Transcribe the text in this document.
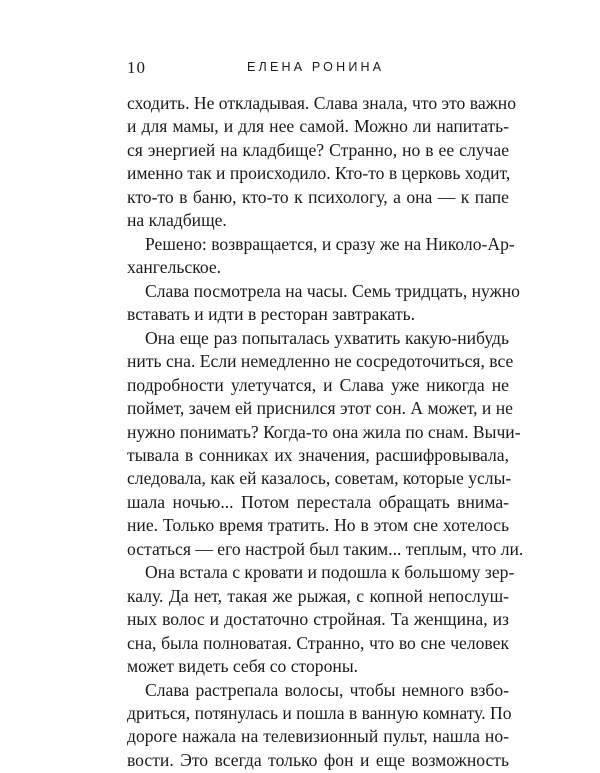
10	ЕЛЕНА РОНИНА
сходить. Не откладывая. Слава знала, что это важно
и для мамы, и для нее самой. Можно ли напитать-
ся энергией на кладбище? Странно, но в ее случае
именно так и происходило. Кто-то в церковь ходит,
кто-то в баню, кто-то к психологу, а она — к папе
на кладбище.
Решено: возвращается, и сразу же на Николо-Ар-
хангельское.
Слава посмотрела на часы. Семь тридцать, нужно
вставать и идти в ресторан завтракать.
Она еще раз попыталась ухватить какую-нибудь
нить сна. Если немедленно не сосредоточиться, все
подробности улетучатся, и Слава уже никогда не
поймет, зачем ей приснился этот сон. А может, и не
нужно понимать? Когда-то она жила по снам. Вычи-
тывала в сонниках их значения, расшифровывала,
следовала, как ей казалось, советам, которые услы-
шала ночью... Потом перестала обращать внима-
ние. Только время тратить. Но в этом сне хотелось
остаться — его настрой был таким... теплым, что ли.
Она встала с кровати и подошла к большому зер-
калу. Да нет, такая же рыжая, с копной непослуш-
ных волос и достаточно стройная. Та женщина, из
сна, была полноватая. Странно, что во сне человек
может видеть себя со стороны.
Слава растрепала волосы, чтобы немного взбо-
дриться, потянулась и пошла в ванную комнату. По
дороге нажала на телевизионный пульт, нашла но-
вости. Это всегда только фон и еще возможность
